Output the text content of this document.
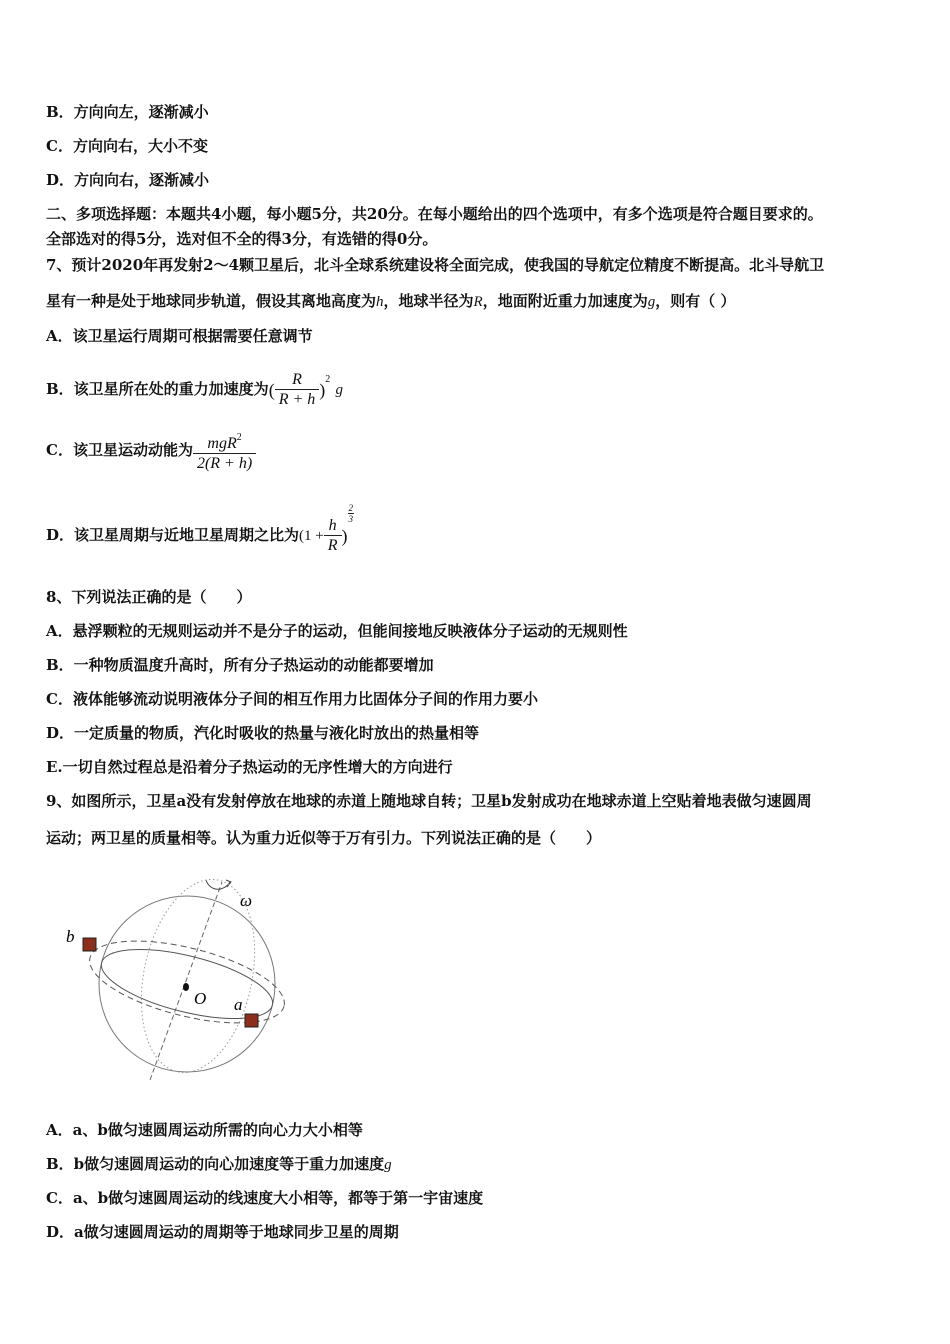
B．方向向左，逐渐减小
C．方向向右，大小不变
D．方向向右，逐渐减小
二、多项选择题：本题共4小题，每小题5分，共20分。在每小题给出的四个选项中，有多个选项是符合题目要求的。
全部选对的得5分，选对但不全的得3分，有选错的得0分。
7、预计2020年再发射2～4颗卫星后，北斗全球系统建设将全面完成，使我国的导航定位精度不断提高。北斗导航卫
星有一种是处于地球同步轨道，假设其离地高度为h，地球半径为R，地面附近重力加速度为g，则有（ ）
A．该卫星运行周期可根据需要任意调节
B．该卫星所在处的重力加速度为( $\frac{R}{R + h} )^2$ g
C．该卫星运动动能为 $\frac{mgR^2}{2(R + h)}$
D．该卫星周期与近地卫星周期之比为($1 + \frac{h}{R}$ )
$\frac{2}{3}$
8、下列说法正确的是（　　）
A．悬浮颗粒的无规则运动并不是分子的运动，但能间接地反映液体分子运动的无规则性
B．一种物质温度升高时，所有分子热运动的动能都要增加
C．液体能够流动说明液体分子间的相互作用力比固体分子间的作用力要小
D．一定质量的物质，汽化时吸收的热量与液化时放出的热量相等
E.一切自然过程总是沿着分子热运动的无序性增大的方向进行
9、如图所示，卫星a没有发射停放在地球的赤道上随地球自转；卫星b发射成功在地球赤道上空贴着地表做匀速圆周
运动；两卫星的质量相等。认为重力近似等于万有引力。下列说法正确的是（　　）
ω
b
O a
A．a、b做匀速圆周运动所需的向心力大小相等
B．b做匀速圆周运动的向心加速度等于重力加速度g
C．a、b做匀速圆周运动的线速度大小相等，都等于第一宇宙速度
D．a做匀速圆周运动的周期等于地球同步卫星的周期
